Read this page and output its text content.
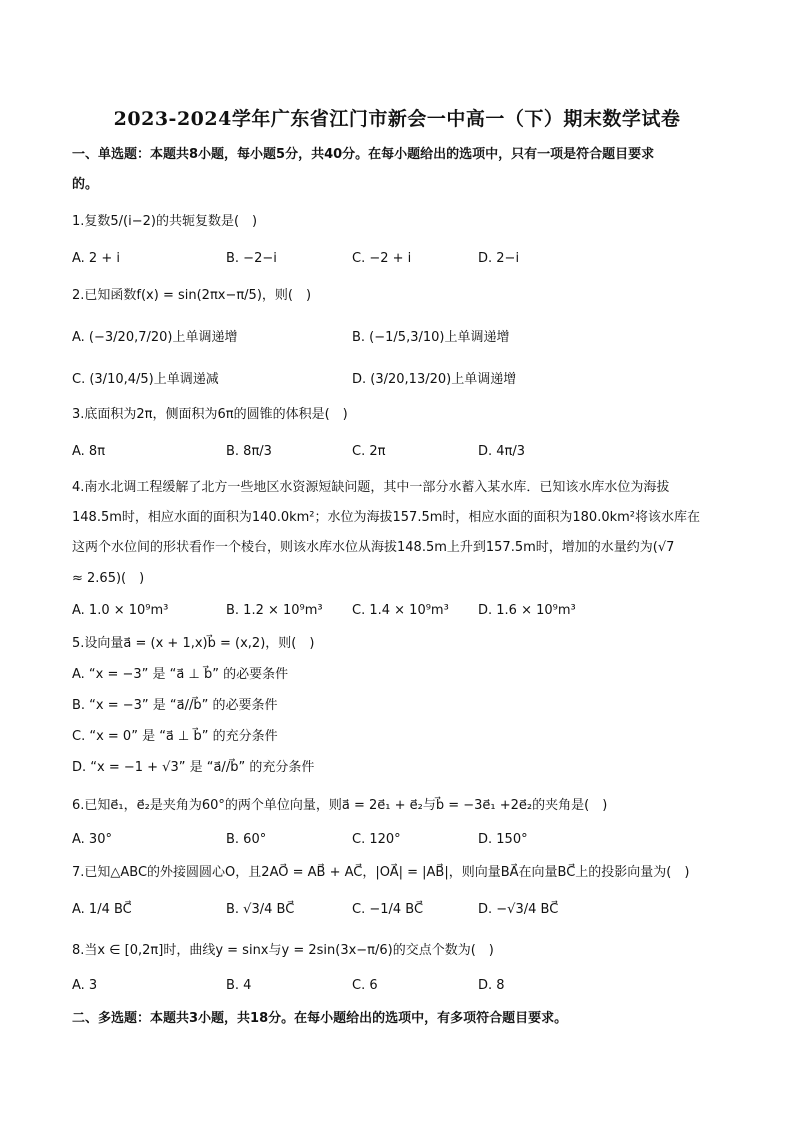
2023-2024学年广东省江门市新会一中高一（下）期末数学试卷
一、单选题：本题共8小题，每小题5分，共40分。在每小题给出的选项中，只有一项是符合题目要求
的。
1.复数5/(i−2)的共轭复数是(　)
A. 2 + i	B. −2−i	C. −2 + i	D. 2−i
2.已知函数f(x) = sin(2πx−π/5)，则(　)
A. (−3/20,7/20)上单调递增	B. (−1/5,3/10)上单调递增
C. (3/10,4/5)上单调递减	D. (3/20,13/20)上单调递增
3.底面积为2π，侧面积为6π的圆锥的体积是(　)
A. 8π	B. 8π/3	C. 2π	D. 4π/3
4.南水北调工程缓解了北方一些地区水资源短缺问题，其中一部分水蓄入某水库．已知该水库水位为海拔
148.5m时，相应水面的面积为140.0km²；水位为海拔157.5m时，相应水面的面积为180.0km²将该水库在
这两个水位间的形状看作一个棱台，则该水库水位从海拔148.5m上升到157.5m时，增加的水量约为(√7
≈ 2.65)(　)
A. 1.0 × 10⁹m³	B. 1.2 × 10⁹m³ C. 1.4 × 10⁹m³ D. 1.6 × 10⁹m³
5.设向量a⃗ = (x + 1,x)b⃗ = (x,2)，则(　)
A. “x = −3” 是 “a⃗ ⊥ b⃗” 的必要条件
B. “x = −3” 是 “a⃗//b⃗” 的必要条件
C. “x = 0” 是 “a⃗ ⊥ b⃗” 的充分条件
D. “x = −1 + √3” 是 “a⃗//b⃗” 的充分条件
6.已知e⃗₁，e⃗₂是夹角为60°的两个单位向量，则a⃗ = 2e⃗₁ + e⃗₂与b⃗ = −3e⃗₁ +2e⃗₂的夹角是(　)
A. 30°	B. 60°	C. 120°	D. 150°
7.已知△ABC的外接圆圆心O，且2AO⃗ = AB⃗ + AC⃗，|OA⃗| = |AB⃗|，则向量BA⃗在向量BC⃗上的投影向量为(　)
A. 1/4 BC⃗	B. √3/4 BC⃗	C. −1/4 BC⃗	D. −√3/4 BC⃗
8.当x ∈ [0,2π]时，曲线y = sinx与y = 2sin(3x−π/6)的交点个数为(　)
A. 3	B. 4	C. 6	D. 8
二、多选题：本题共3小题，共18分。在每小题给出的选项中，有多项符合题目要求。
